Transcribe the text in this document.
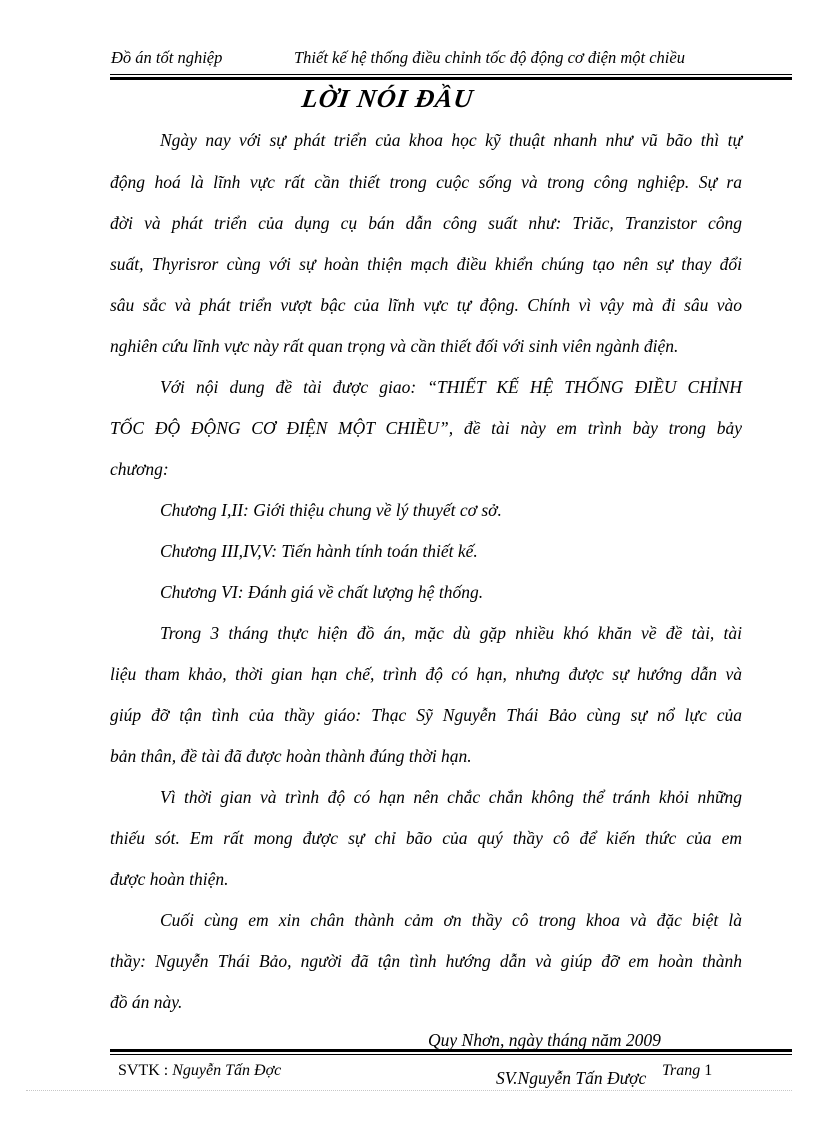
Đồ án tốt nghiệp	Thiết kế hệ thống điều chỉnh tốc độ động cơ điện một chiều
LỜI NÓI ĐẦU
Ngày nay với sự phát triển của khoa học kỹ thuật nhanh như vũ bão thì tự
động hoá là lĩnh vực rất cần thiết trong cuộc sống và trong công nghiệp. Sự ra
đời và phát triển của dụng cụ bán dẫn công suất như: Triăc, Tranzistor công
suất, Thyrisror cùng với sự hoàn thiện mạch điều khiển chúng tạo nên sự thay đổi
sâu sắc và phát triển vượt bậc của lĩnh vực tự động. Chính vì vậy mà đi sâu vào
nghiên cứu lĩnh vực này rất quan trọng và cần thiết đối với sinh viên ngành điện.
Với nội dung đề tài được giao: “THIẾT KẾ HỆ THỐNG ĐIỀU CHỈNH
TỐC ĐỘ ĐỘNG CƠ ĐIỆN MỘT CHIỀU”, đề tài này em trình bày trong bảy
chương:
Chương I,II: Giới thiệu chung về lý thuyết cơ sở.
Chương III,IV,V: Tiến hành tính toán thiết kế.
Chương VI: Đánh giá về chất lượng hệ thống.
Trong 3 tháng thực hiện đồ án, mặc dù gặp nhiều khó khăn về đề tài, tài
liệu tham khảo, thời gian hạn chế, trình độ có hạn, nhưng được sự hướng dẫn và
giúp đỡ tận tình của thầy giáo: Thạc Sỹ Nguyễn Thái Bảo cùng sự nổ lực của
bản thân, đề tài đã được hoàn thành đúng thời hạn.
Vì thời gian và trình độ có hạn nên chắc chắn không thể tránh khỏi những
thiếu sót. Em rất mong được sự chỉ bão của quý thầy cô để kiến thức của em
được hoàn thiện.
Cuối cùng em xin chân thành cảm ơn thầy cô trong khoa và đặc biệt là
thầy: Nguyễn Thái Bảo, người đã tận tình hướng dẫn và giúp đỡ em hoàn thành
đồ án này.
Quy Nhơn, ngày tháng năm 2009
SV.Nguyễn Tấn Được
SVTK : Nguyễn Tấn Đợc	Trang 1
